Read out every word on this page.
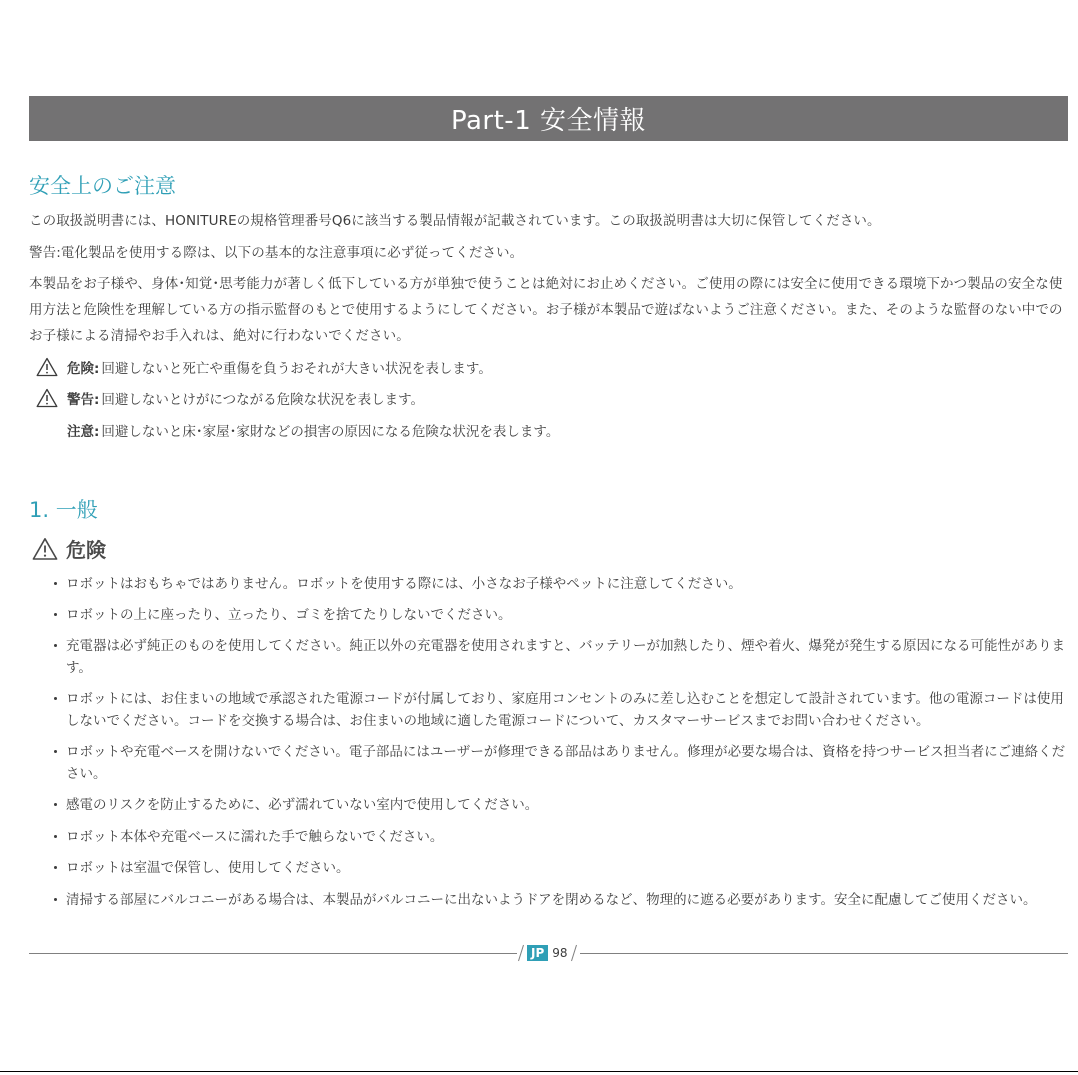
Part-1 安全情報
安全上のご注意

この取扱説明書には、HONITUREの規格管理番号Q6に該当する製品情報が記載されています。この取扱説明書は大切に保管してください。

警告:電化製品を使用する際は、以下の基本的な注意事項に必ず従ってください。

本製品をお子様や、身体･知覚･思考能力が著しく低下している方が単独で使うことは絶対にお止めください。ご使用の際には安全に使用できる環境下かつ製品の安全な使用方法と危険性を理解している方の指示監督のもとで使用するようにしてください。お子様が本製品で遊ばないようご注意ください。また、そのような監督のない中でのお子様による清掃やお手入れは、絶対に行わないでください。

危険: 回避しないと死亡や重傷を負うおそれが大きい状況を表します。
警告: 回避しないとけがにつながる危険な状況を表します。
注意: 回避しないと床･家屋･家財などの損害の原因になる危険な状況を表します。
1. 一般
危険
ロボットはおもちゃではありません。ロボットを使用する際には、小さなお子様やペットに注意してください。
ロボットの上に座ったり、立ったり、ゴミを捨てたりしないでください。
充電器は必ず純正のものを使用してください。純正以外の充電器を使用されますと、バッテリーが加熱したり、煙や着火、爆発が発生する原因になる可能性があります。
ロボットには、お住まいの地域で承認された電源コードが付属しており、家庭用コンセントのみに差し込むことを想定して設計されています。他の電源コードは使用しないでください。コードを交換する場合は、お住まいの地域に適した電源コードについて、カスタマーサービスまでお問い合わせください。
ロボットや充電ベースを開けないでください。電子部品にはユーザーが修理できる部品はありません。修理が必要な場合は、資格を持つサービス担当者にご連絡ください。
感電のリスクを防止するために、必ず濡れていない室内で使用してください。
ロボット本体や充電ベースに濡れた手で触らないでください。
ロボットは室温で保管し、使用してください。
清掃する部屋にバルコニーがある場合は、本製品がバルコニーに出ないようドアを閉めるなど、物理的に遮る必要があります。安全に配慮してご使用ください。
JP 98
